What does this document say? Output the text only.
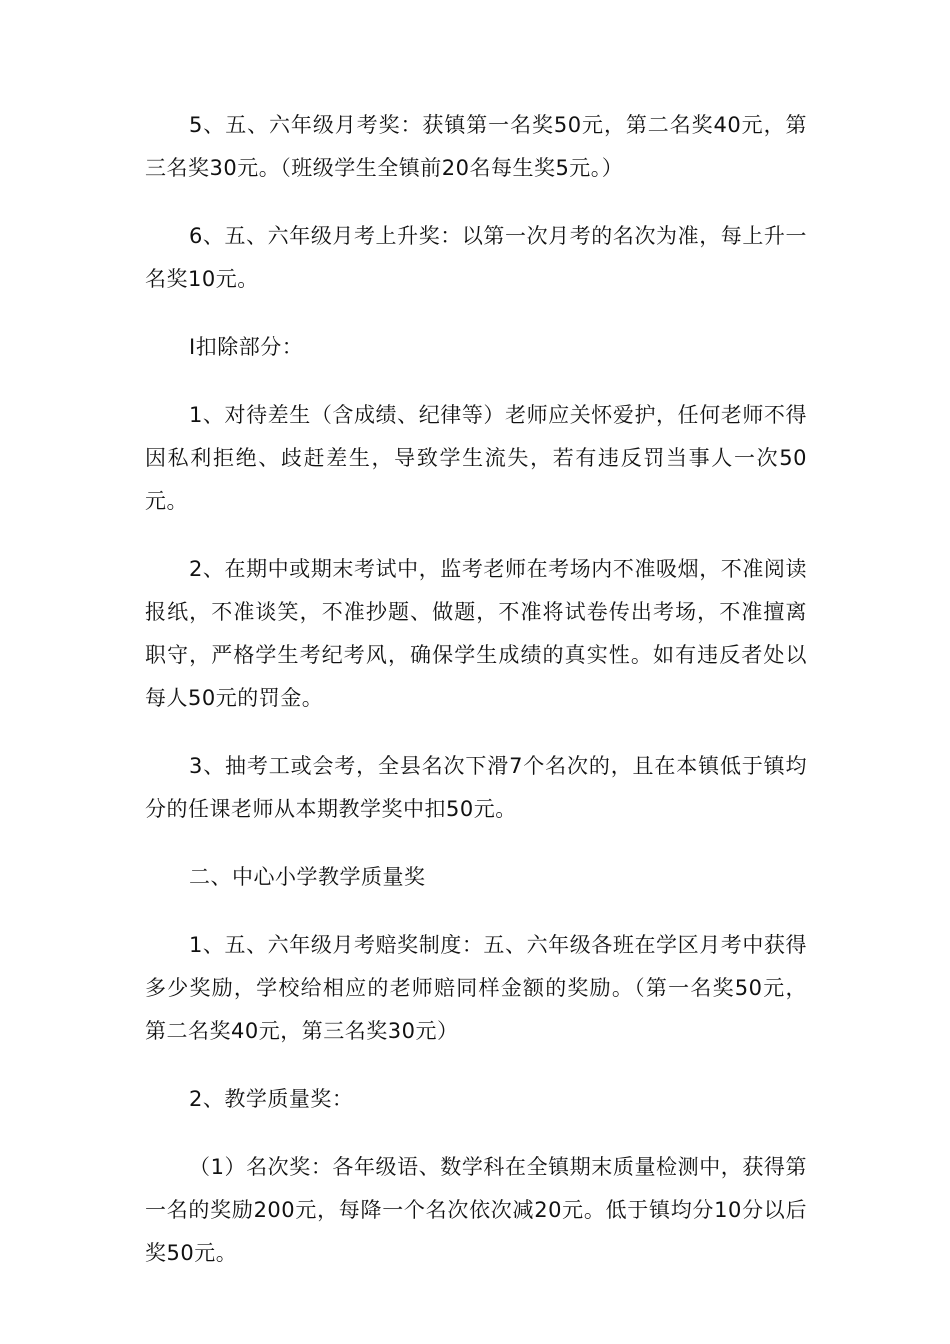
5、五、六年级月考奖：获镇第一名奖50元，第二名奖40元，第三名奖30元。（班级学生全镇前20名每生奖5元。）

6、五、六年级月考上升奖：以第一次月考的名次为准，每上升一名奖10元。

I扣除部分：

1、对待差生（含成绩、纪律等）老师应关怀爱护，任何老师不得因私利拒绝、歧赶差生，导致学生流失，若有违反罚当事人一次50元。

2、在期中或期末考试中，监考老师在考场内不准吸烟，不准阅读报纸，不准谈笑，不准抄题、做题，不准将试卷传出考场，不准擅离职守，严格学生考纪考风，确保学生成绩的真实性。如有违反者处以每人50元的罚金。

3、抽考工或会考，全县名次下滑7个名次的，且在本镇低于镇均分的任课老师从本期教学奖中扣50元。

二、中心小学教学质量奖

1、五、六年级月考赔奖制度：五、六年级各班在学区月考中获得多少奖励，学校给相应的老师赔同样金额的奖励。（第一名奖50元，第二名奖40元，第三名奖30元）

2、教学质量奖：

（1）名次奖：各年级语、数学科在全镇期末质量检测中，获得第一名的奖励200元，每降一个名次依次减20元。低于镇均分10分以后奖50元。
